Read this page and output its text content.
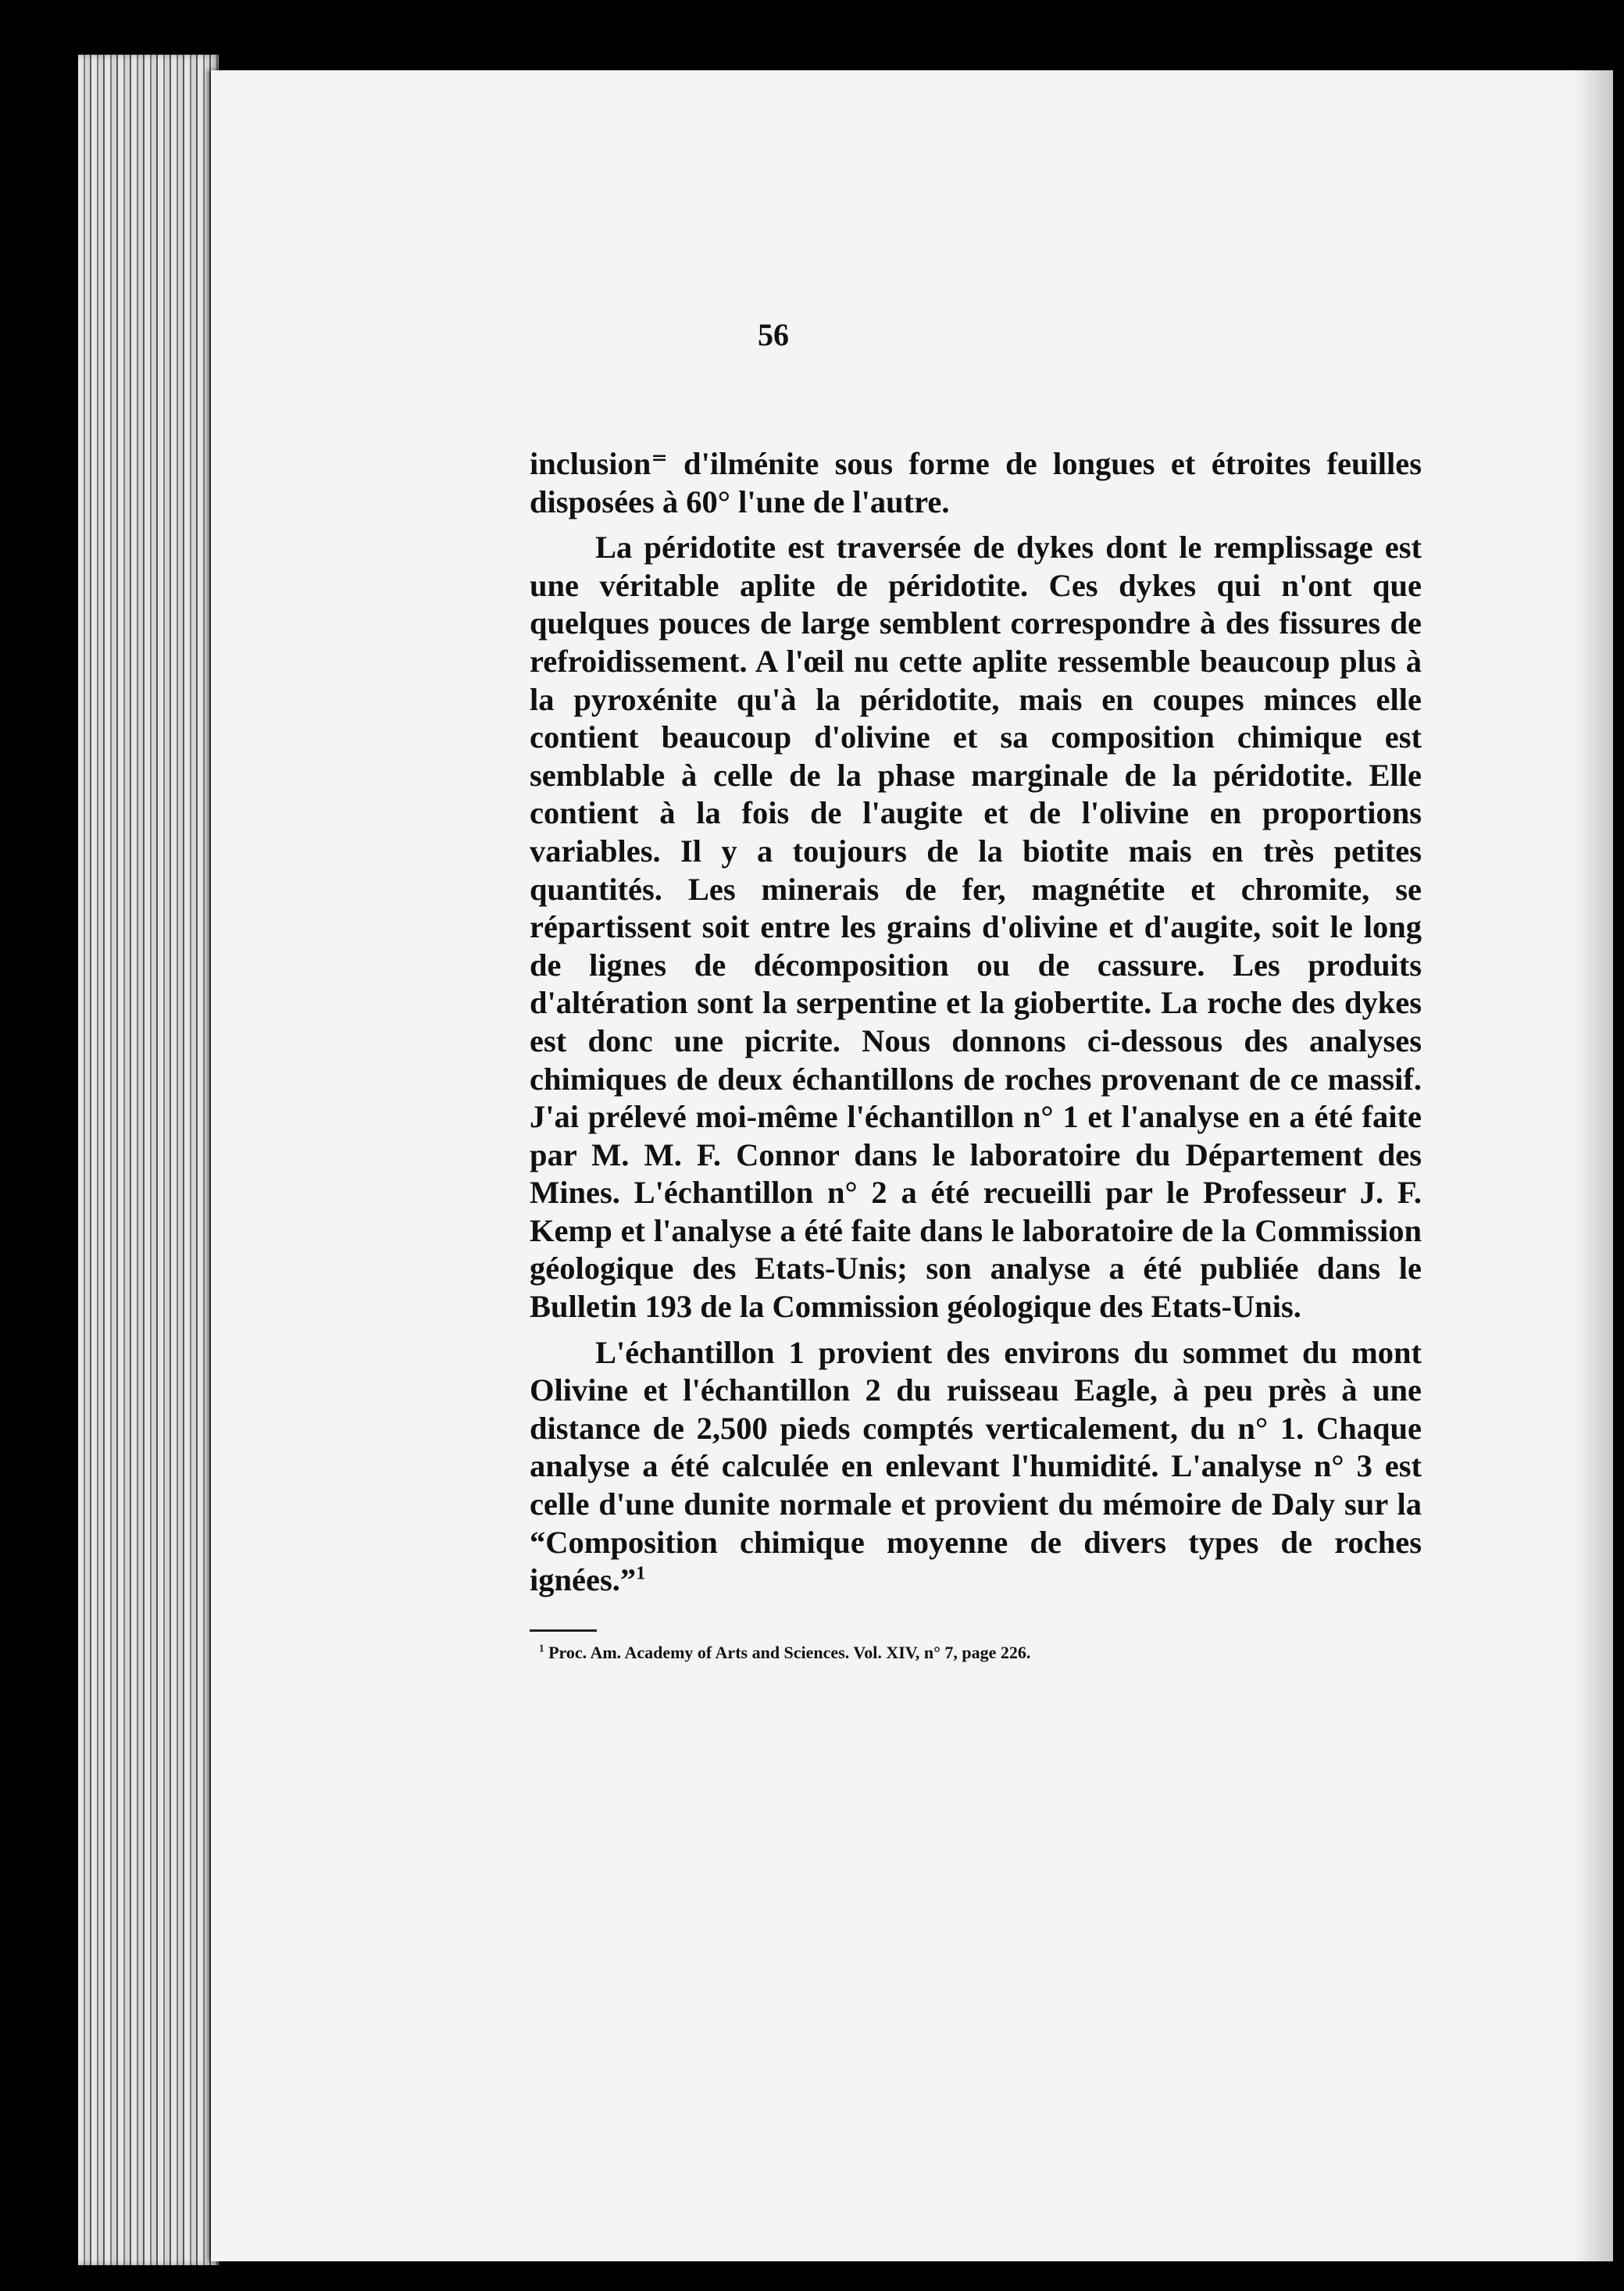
56

inclusion⁼ d'ilménite sous forme de longues et étroites feuilles disposées à 60° l'une de l'autre.

La péridotite est traversée de dykes dont le remplissage est une véritable aplite de péridotite. Ces dykes qui n'ont que quelques pouces de large semblent correspondre à des fissures de refroidissement. A l'œil nu cette aplite ressemble beaucoup plus à la pyroxénite qu'à la péridotite, mais en coupes minces elle contient beaucoup d'olivine et sa composition chimique est semblable à celle de la phase marginale de la péridotite. Elle contient à la fois de l'augite et de l'olivine en proportions variables. Il y a toujours de la biotite mais en très petites quantités. Les minerais de fer, magnétite et chromite, se répartissent soit entre les grains d'olivine et d'augite, soit le long de lignes de décomposition ou de cassure. Les produits d'altération sont la serpentine et la giobertite. La roche des dykes est donc une picrite. Nous donnons ci-dessous des analyses chimiques de deux échantillons de roches provenant de ce massif. J'ai prélevé moi-même l'échantillon n° 1 et l'analyse en a été faite par M. M. F. Connor dans le laboratoire du Département des Mines. L'échantillon n° 2 a été recueilli par le Professeur J. F. Kemp et l'analyse a été faite dans le laboratoire de la Commission géologique des Etats-Unis; son analyse a été publiée dans le Bulletin 193 de la Commission géologique des Etats-Unis.

L'échantillon 1 provient des environs du sommet du mont Olivine et l'échantillon 2 du ruisseau Eagle, à peu près à une distance de 2,500 pieds comptés verticalement, du n° 1. Chaque analyse a été calculée en enlevant l'humidité. L'analyse n° 3 est celle d'une dunite normale et provient du mémoire de Daly sur la “Composition chimique moyenne de divers types de roches ignées.”$^1$

$^1$ Proc. Am. Academy of Arts and Sciences. Vol. XIV, n° 7, page 226.
